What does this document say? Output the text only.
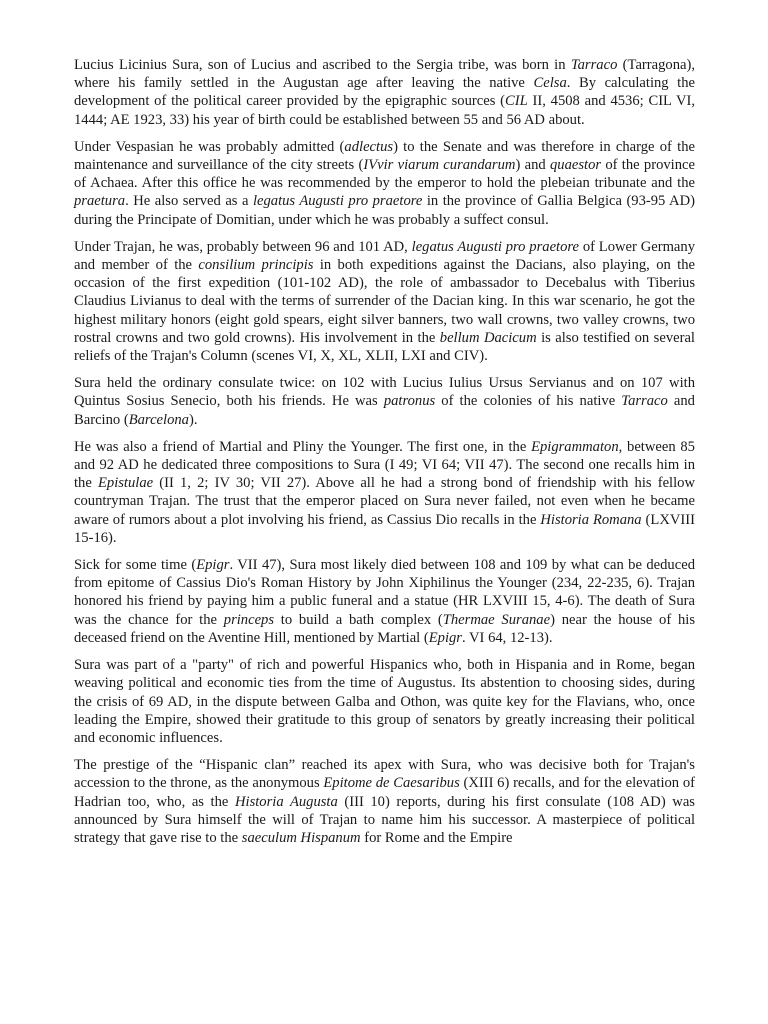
Lucius Licinius Sura, son of Lucius and ascribed to the Sergia tribe, was born in Tarraco (Tarragona), where his family settled in the Augustan age after leaving the native Celsa. By calculating the development of the political career provided by the epigraphic sources (CIL II, 4508 and 4536; CIL VI, 1444; AE 1923, 33) his year of birth could be established between 55 and 56 AD about.

Under Vespasian he was probably admitted (adlectus) to the Senate and was therefore in charge of the maintenance and surveillance of the city streets (IVvir viarum curandarum) and quaestor of the province of Achaea. After this office he was recommended by the emperor to hold the plebeian tribunate and the praetura. He also served as a legatus Augusti pro praetore in the province of Gallia Belgica (93-95 AD) during the Principate of Domitian, under which he was probably a suffect consul.

Under Trajan, he was, probably between 96 and 101 AD, legatus Augusti pro praetore of Lower Germany and member of the consilium principis in both expeditions against the Dacians, also playing, on the occasion of the first expedition (101-102 AD), the role of ambassador to Decebalus with Tiberius Claudius Livianus to deal with the terms of surrender of the Dacian king. In this war scenario, he got the highest military honors (eight gold spears, eight silver banners, two wall crowns, two valley crowns, two rostral crowns and two gold crowns). His involvement in the bellum Dacicum is also testified on several reliefs of the Trajan's Column (scenes VI, X, XL, XLII, LXI and CIV).

Sura held the ordinary consulate twice: on 102 with Lucius Iulius Ursus Servianus and on 107 with Quintus Sosius Senecio, both his friends. He was patronus of the colonies of his native Tarraco and Barcino (Barcelona).

He was also a friend of Martial and Pliny the Younger. The first one, in the Epigrammaton, between 85 and 92 AD he dedicated three compositions to Sura (I 49; VI 64; VII 47). The second one recalls him in the Epistulae (II 1, 2; IV 30; VII 27). Above all he had a strong bond of friendship with his fellow countryman Trajan. The trust that the emperor placed on Sura never failed, not even when he became aware of rumors about a plot involving his friend, as Cassius Dio recalls in the Historia Romana (LXVIII 15-16).

Sick for some time (Epigr. VII 47), Sura most likely died between 108 and 109 by what can be deduced from epitome of Cassius Dio's Roman History by John Xiphilinus the Younger (234, 22-235, 6). Trajan honored his friend by paying him a public funeral and a statue (HR LXVIII 15, 4-6). The death of Sura was the chance for the princeps to build a bath complex (Thermae Suranae) near the house of his deceased friend on the Aventine Hill, mentioned by Martial (Epigr. VI 64, 12-13).

Sura was part of a "party" of rich and powerful Hispanics who, both in Hispania and in Rome, began weaving political and economic ties from the time of Augustus. Its abstention to choosing sides, during the crisis of 69 AD, in the dispute between Galba and Othon, was quite key for the Flavians, who, once leading the Empire, showed their gratitude to this group of senators by greatly increasing their political and economic influences.

The prestige of the “Hispanic clan” reached its apex with Sura, who was decisive both for Trajan's accession to the throne, as the anonymous Epitome de Caesaribus (XIII 6) recalls, and for the elevation of Hadrian too, who, as the Historia Augusta (III 10) reports, during his first consulate (108 AD) was announced by Sura himself the will of Trajan to name him his successor. A masterpiece of political strategy that gave rise to the saeculum Hispanum for Rome and the Empire
